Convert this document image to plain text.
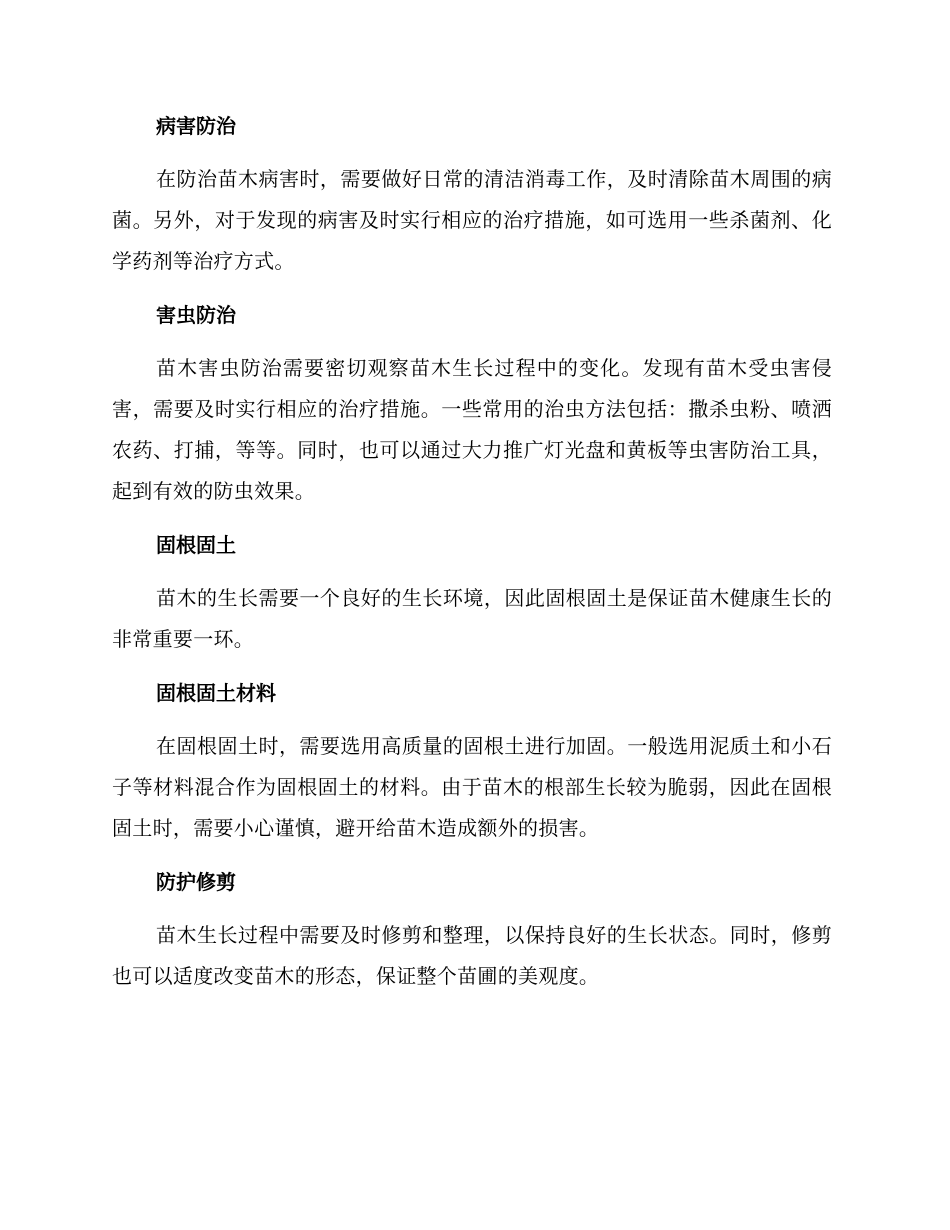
病害防治

在防治苗木病害时，需要做好日常的清洁消毒工作，及时清除苗木周围的病菌。另外，对于发现的病害及时实行相应的治疗措施，如可选用一些杀菌剂、化学药剂等治疗方式。

害虫防治

苗木害虫防治需要密切观察苗木生长过程中的变化。发现有苗木受虫害侵害，需要及时实行相应的治疗措施。一些常用的治虫方法包括：撒杀虫粉、喷洒农药、打捕，等等。同时，也可以通过大力推广灯光盘和黄板等虫害防治工具，起到有效的防虫效果。

固根固土

苗木的生长需要一个良好的生长环境，因此固根固土是保证苗木健康生长的非常重要一环。

固根固土材料

在固根固土时，需要选用高质量的固根土进行加固。一般选用泥质土和小石子等材料混合作为固根固土的材料。由于苗木的根部生长较为脆弱，因此在固根固土时，需要小心谨慎，避开给苗木造成额外的损害。

防护修剪

苗木生长过程中需要及时修剪和整理，以保持良好的生长状态。同时，修剪也可以适度改变苗木的形态，保证整个苗圃的美观度。
